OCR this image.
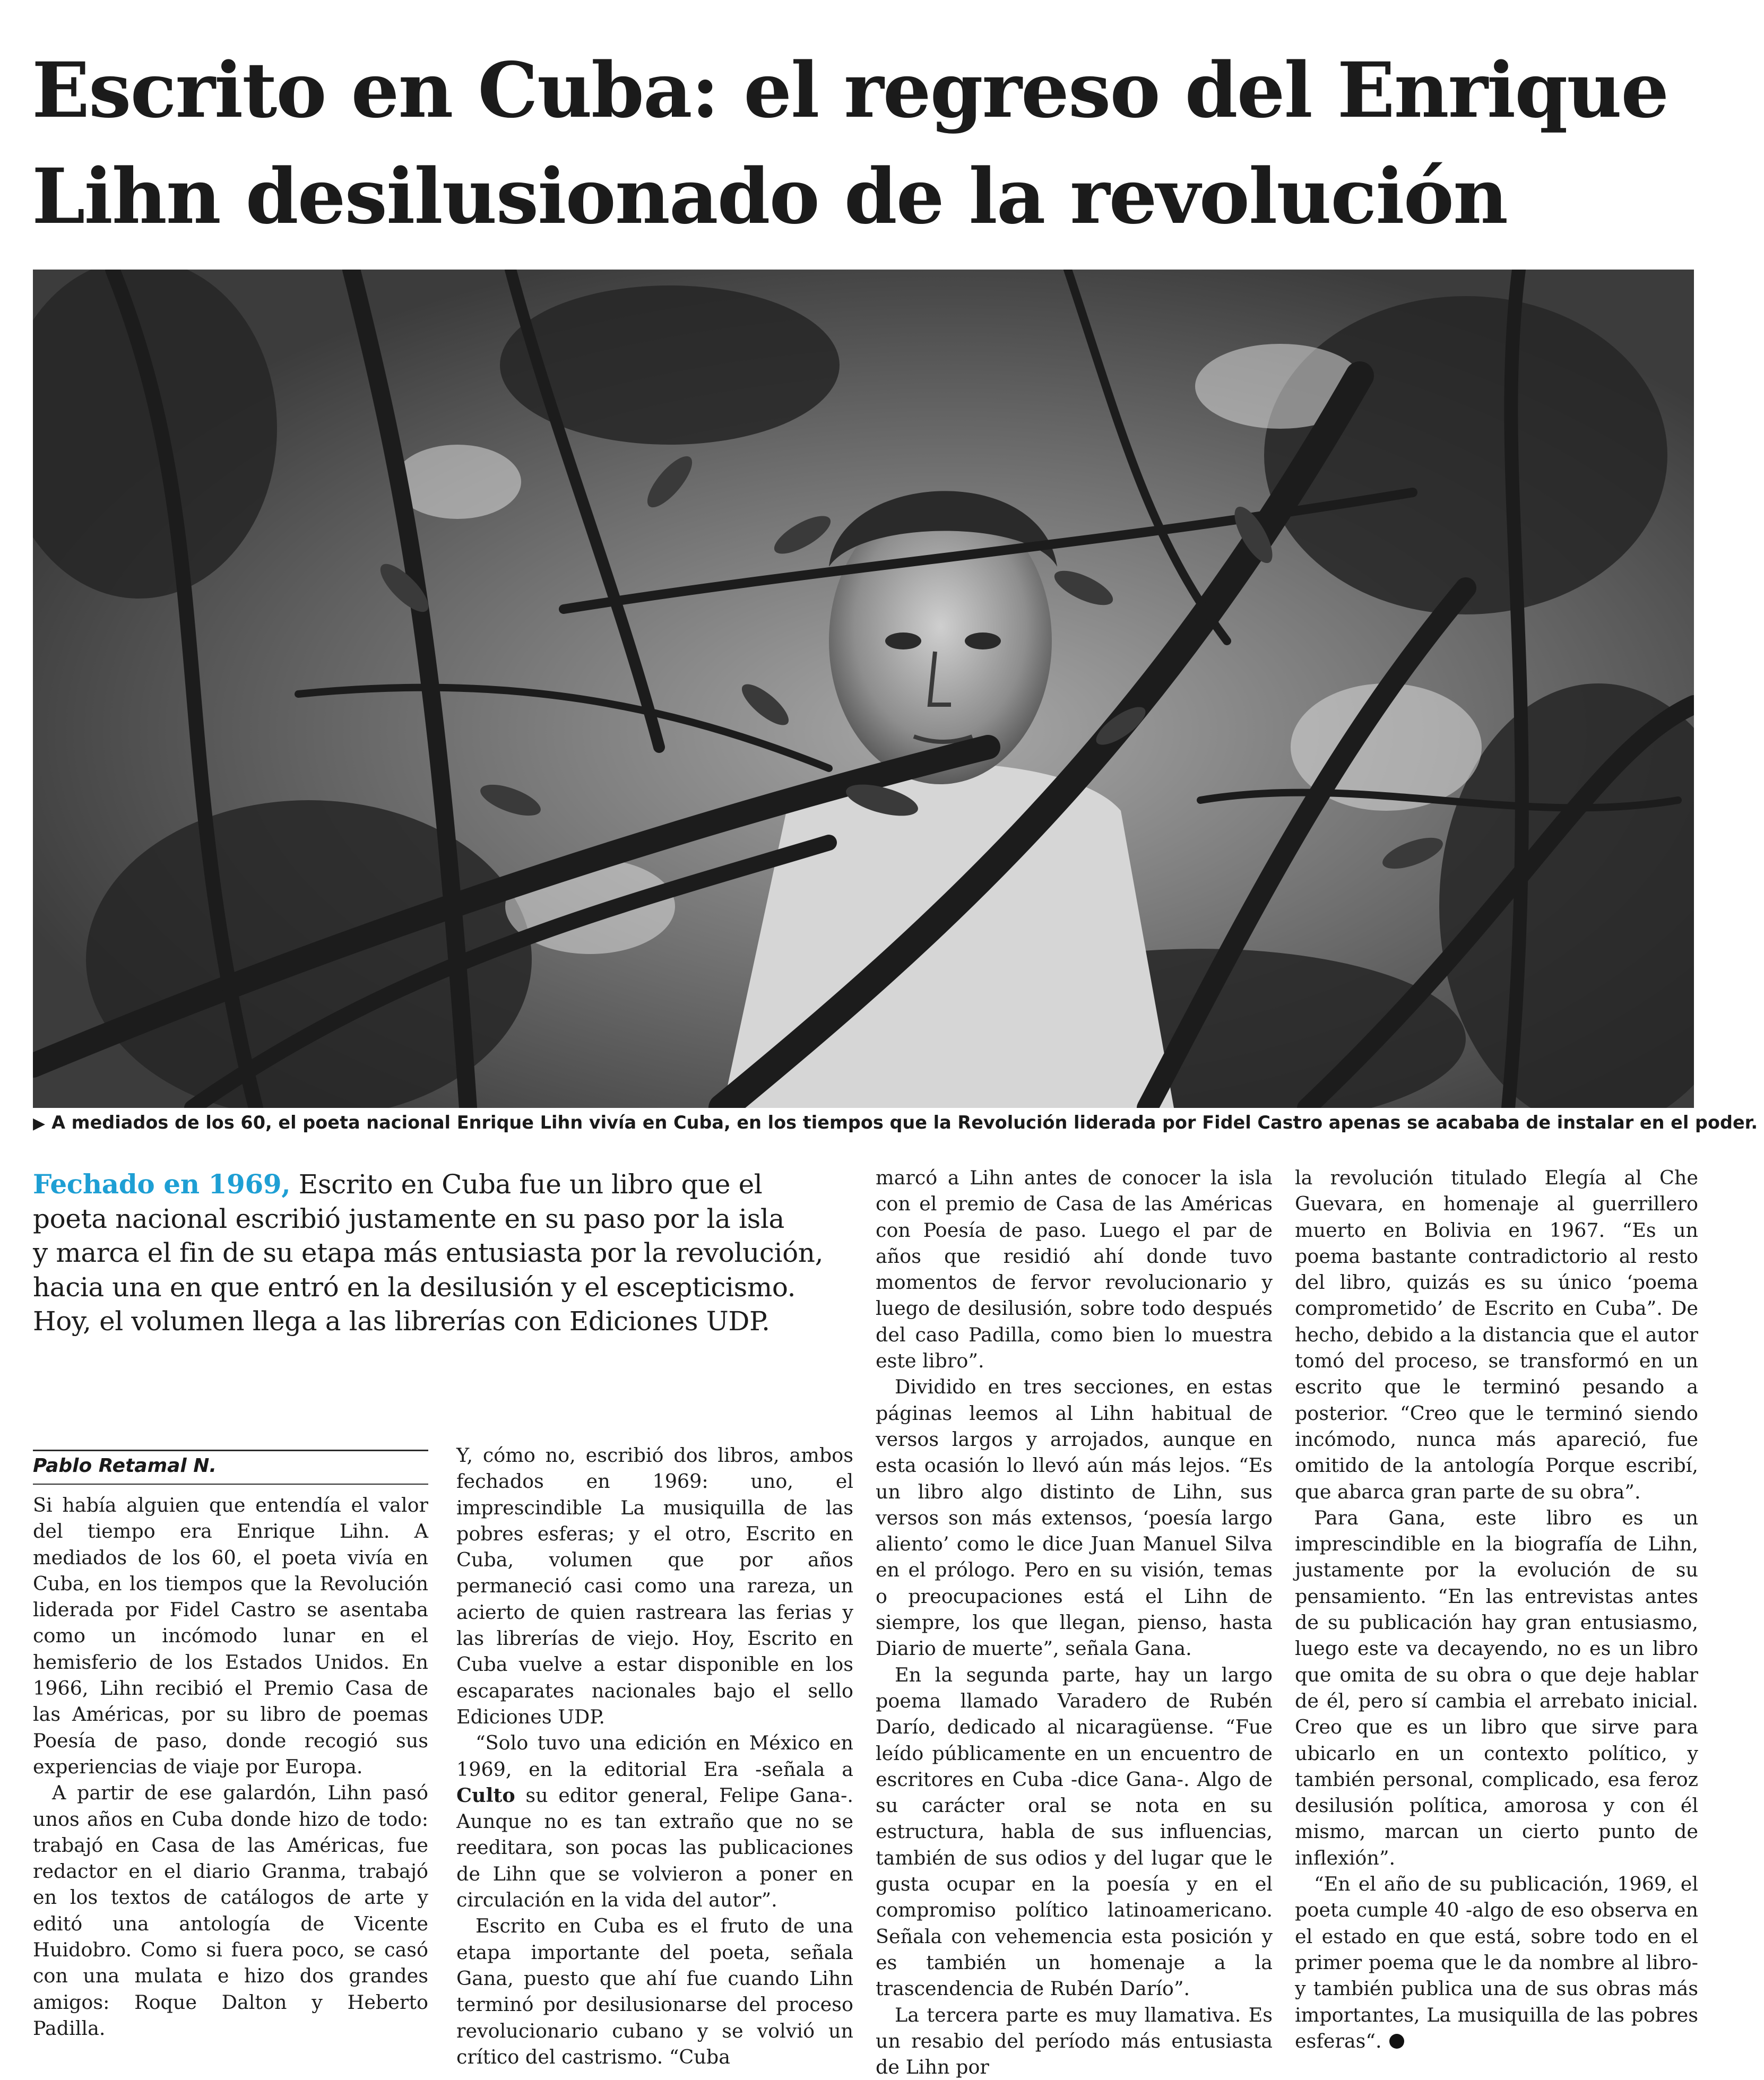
Escrito en Cuba: el regreso del Enrique Lihn desilusionado de la revolución
▶ A mediados de los 60, el poeta nacional Enrique Lihn vivía en Cuba, en los tiempos que la Revolución liderada por Fidel Castro apenas se acababa de instalar en el poder.
Fechado en 1969, Escrito en Cuba fue un libro que el
poeta nacional escribió justamente en su paso por la isla
y marca el fin de su etapa más entusiasta por la revolución,
hacia una en que entró en la desilusión y el escepticismo.
Hoy, el volumen llega a las librerías con Ediciones UDP.
Pablo Retamal N.

Si había alguien que entendía el valor del tiempo era Enrique Lihn. A mediados de los 60, el poeta vivía en Cuba, en los tiempos que la Revolución liderada por Fidel Castro se asentaba como un incómodo lunar en el hemisferio de los Estados Unidos. En 1966, Lihn recibió el Premio Casa de las Américas, por su libro de poemas Poesía de paso, donde recogió sus experiencias de viaje por Europa.

A partir de ese galardón, Lihn pasó unos años en Cuba donde hizo de todo: trabajó en Casa de las Américas, fue redactor en el diario Granma, trabajó en los textos de catálogos de arte y editó una antología de Vicente Huidobro. Como si fuera poco, se casó con una mulata e hizo dos grandes amigos: Roque Dalton y Heberto Padilla.

Y, cómo no, escribió dos libros, ambos fechados en 1969: uno, el imprescindible La musiquilla de las pobres esferas; y el otro, Escrito en Cuba, volumen que por años permaneció casi como una rareza, un acierto de quien rastreara las ferias y las librerías de viejo. Hoy, Escrito en Cuba vuelve a estar disponible en los escaparates nacionales bajo el sello Ediciones UDP.

“Solo tuvo una edición en México en 1969, en la editorial Era -señala a Culto su editor general, Felipe Gana-. Aunque no es tan extraño que no se reeditara, son pocas las publicaciones de Lihn que se volvieron a poner en circulación en la vida del autor”.

Escrito en Cuba es el fruto de una etapa importante del poeta, señala Gana, puesto que ahí fue cuando Lihn terminó por desilusionarse del proceso revolucionario cubano y se volvió un crítico del castrismo. “Cuba

marcó a Lihn antes de conocer la isla con el premio de Casa de las Américas con Poesía de paso. Luego el par de años que residió ahí donde tuvo momentos de fervor revolucionario y luego de desilusión, sobre todo después del caso Padilla, como bien lo muestra este libro”.

Dividido en tres secciones, en estas páginas leemos al Lihn habitual de versos largos y arrojados, aunque en esta ocasión lo llevó aún más lejos. “Es un libro algo distinto de Lihn, sus versos son más extensos, ‘poesía largo aliento’ como le dice Juan Manuel Silva en el prólogo. Pero en su visión, temas o preocupaciones está el Lihn de siempre, los que llegan, pienso, hasta Diario de muerte”, señala Gana.

En la segunda parte, hay un largo poema llamado Varadero de Rubén Darío, dedicado al nicaragüense. “Fue leído públicamente en un encuentro de escritores en Cuba -dice Gana-. Algo de su carácter oral se nota en su estructura, habla de sus influencias, también de sus odios y del lugar que le gusta ocupar en la poesía y en el compromiso político latinoamericano. Señala con vehemencia esta posición y es también un homenaje a la trascendencia de Rubén Darío”.

La tercera parte es muy llamativa. Es un resabio del período más entusiasta de Lihn por

la revolución titulado Elegía al Che Guevara, en homenaje al guerrillero muerto en Bolivia en 1967. “Es un poema bastante contradictorio al resto del libro, quizás es su único ‘poema comprometido’ de Escrito en Cuba”. De hecho, debido a la distancia que el autor tomó del proceso, se transformó en un escrito que le terminó pesando a posterior. “Creo que le terminó siendo incómodo, nunca más apareció, fue omitido de la antología Porque escribí, que abarca gran parte de su obra”.

Para Gana, este libro es un imprescindible en la biografía de Lihn, justamente por la evolución de su pensamiento. “En las entrevistas antes de su publicación hay gran entusiasmo, luego este va decayendo, no es un libro que omita de su obra o que deje hablar de él, pero sí cambia el arrebato inicial. Creo que es un libro que sirve para ubicarlo en un contexto político, y también personal, complicado, esa feroz desilusión política, amorosa y con él mismo, marcan un cierto punto de inflexión”.

“En el año de su publicación, 1969, el poeta cumple 40 -algo de eso observa en el estado en que está, sobre todo en el primer poema que le da nombre al libro- y también publica una de sus obras más importantes, La musiquilla de las pobres esferas“.
